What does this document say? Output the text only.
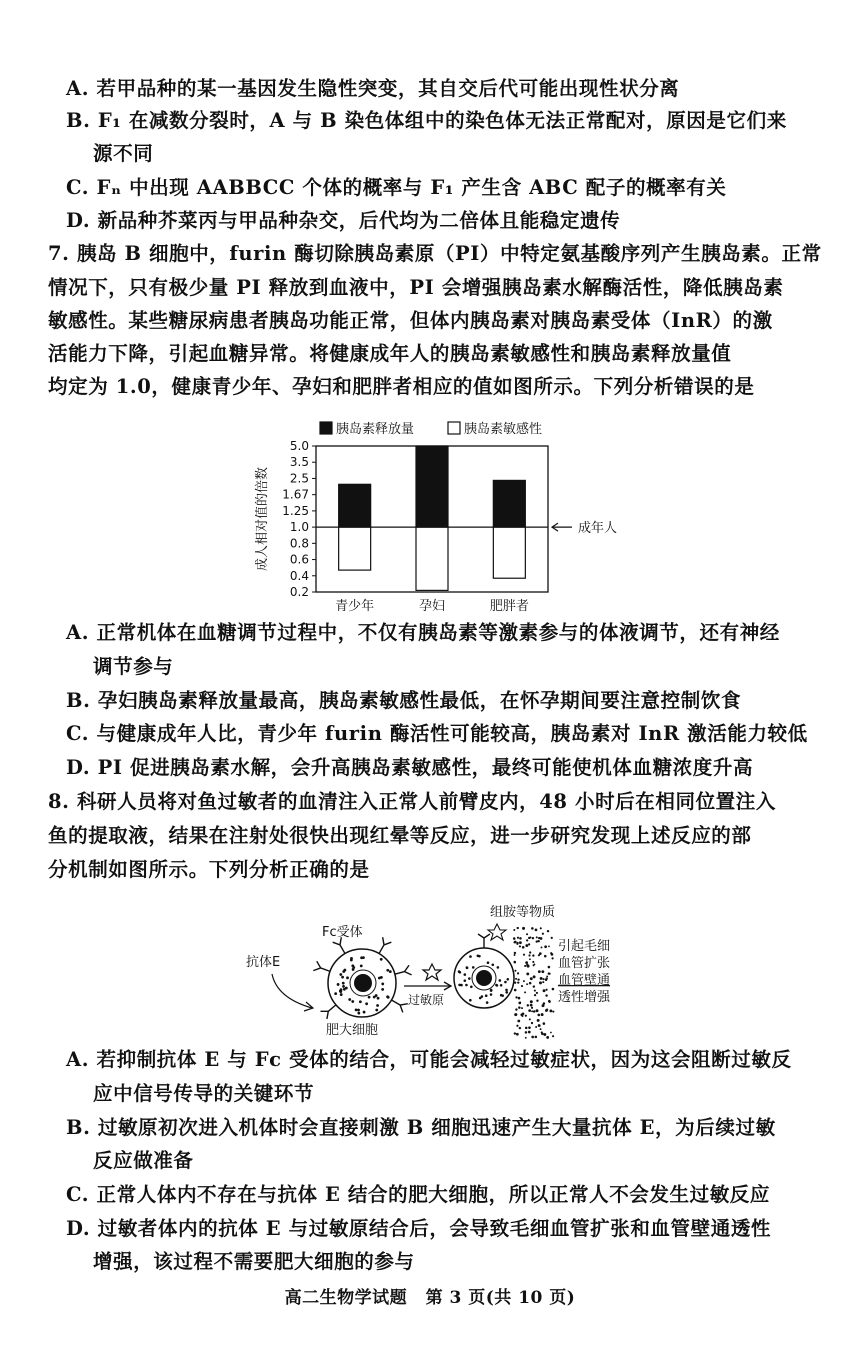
A. 若甲品种的某一基因发生隐性突变，其自交后代可能出现性状分离
B. F₁ 在减数分裂时，A 与 B 染色体组中的染色体无法正常配对，原因是它们来
源不同
C. Fₙ 中出现 AABBCC 个体的概率与 F₁ 产生含 ABC 配子的概率有关
D. 新品种芥菜丙与甲品种杂交，后代均为二倍体且能稳定遗传
7. 胰岛 B 细胞中，furin 酶切除胰岛素原（PI）中特定氨基酸序列产生胰岛素。正常
情况下，只有极少量 PI 释放到血液中，PI 会增强胰岛素水解酶活性，降低胰岛素
敏感性。某些糖尿病患者胰岛功能正常，但体内胰岛素对胰岛素受体（InR）的激
活能力下降，引起血糖异常。将健康成年人的胰岛素敏感性和胰岛素释放量值
均定为 1.0，健康青少年、孕妇和肥胖者相应的值如图所示。下列分析错误的是
胰岛素释放量	胰岛素敏感性
成人相对值的倍数
5.0
3.5
2.5
1.67
1.25
1.0
0.8
0.6
0.4
0.2
青少年	孕妇	肥胖者
成年人
A. 正常机体在血糖调节过程中，不仅有胰岛素等激素参与的体液调节，还有神经
调节参与
B. 孕妇胰岛素释放量最高，胰岛素敏感性最低，在怀孕期间要注意控制饮食
C. 与健康成年人比，青少年 furin 酶活性可能较高，胰岛素对 InR 激活能力较低
D. PI 促进胰岛素水解，会升高胰岛素敏感性，最终可能使机体血糖浓度升高
8. 科研人员将对鱼过敏者的血清注入正常人前臂皮内，48 小时后在相同位置注入
鱼的提取液，结果在注射处很快出现红晕等反应，进一步研究发现上述反应的部
分机制如图所示。下列分析正确的是
组胺等物质
Fc受体
抗体E
肥大细胞
过敏原
引起毛细
血管扩张
血管壁通
透性增强
A. 若抑制抗体 E 与 Fc 受体的结合，可能会减轻过敏症状，因为这会阻断过敏反
应中信号传导的关键环节
B. 过敏原初次进入机体时会直接刺激 B 细胞迅速产生大量抗体 E，为后续过敏
反应做准备
C. 正常人体内不存在与抗体 E 结合的肥大细胞，所以正常人不会发生过敏反应
D. 过敏者体内的抗体 E 与过敏原结合后，会导致毛细血管扩张和血管壁通透性
增强，该过程不需要肥大细胞的参与
高二生物学试题 第 3 页(共 10 页)
